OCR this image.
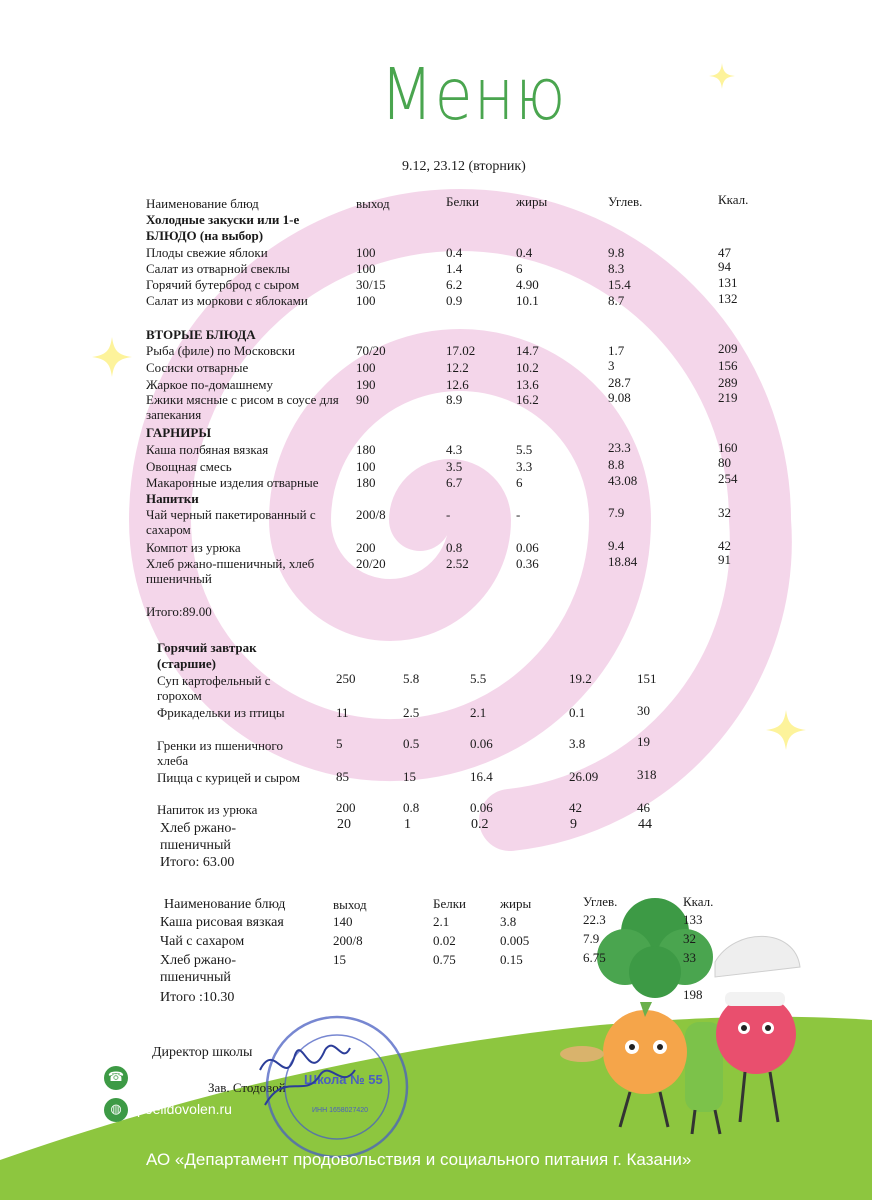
Меню
9.12, 23.12 (вторник)
Наименование блюд	выход	Белки	жиры	Углев.	Ккал.
Холодные закуски или 1-е
БЛЮДО (на выбор)
Плоды свежие яблоки	100	0.4	0.4	9.8	47
Салат из отварной свеклы	100	1.4	6	8.3	94
Горячий бутерброд с сыром	30/15	6.2	4.90	15.4	131
Салат из моркови с яблоками	100	0.9	10.1	8.7	132
ВТОРЫЕ БЛЮДА
Рыба (филе) по Московски	70/20	17.02	14.7	1.7	209
Сосиски отварные	100	12.2	10.2	3	156
Жаркое по-домашнему	190	12.6	13.6	28.7	289
Ежики мясные с рисом в соусе для запекания
90	8.9	16.2	9.08	219
ГАРНИРЫ
Каша полбяная вязкая	180	4.3	5.5	23.3	160
Овощная смесь	100	3.5	3.3	8.8	80
Макаронные изделия отварные	180	6.7	6	43.08	254
Напитки
Чай черный пакетированный с сахаром
200/8	-	-	7.9	32
Компот из урюка	200	0.8	0.06	9.4	42
Хлеб ржано-пшеничный, хлеб пшеничный
20/20	2.52	0.36	18.84	91
Итого:89.00
Горячий завтрак
(старшие)
Суп картофельный с горохом
250	5.8	5.5	19.2	151
Фрикадельки из птицы	11	2.5	2.1	0.1	30
Гренки из пшеничного хлеба
5	0.5	0.06	3.8	19
Пицца с курицей и сыром	85	15	16.4	26.09	318
Напиток из урюка	200	0.8	0.06	42	46
Хлеб ржано-пшеничный
20	1	0.2	9	44
Итого: 63.00
Наименование блюд	выход	Белки	жиры	Углев.	Ккал.
Каша рисовая вязкая	140	2.1	3.8	22.3	133
Чай с сахаром	200/8	0.02	0.005	7.9	32
Хлеб ржано-пшеничный
15	0.75	0.15	6.75	33
Итого :10.30	198
Директор школы
Зав. Стодовой
Школа № 55
ИНН 1658027420
☎ 8(800)234-33-88
◍	poelidovolen.ru
АО «Департамент продовольствия и социального питания г. Казани»
